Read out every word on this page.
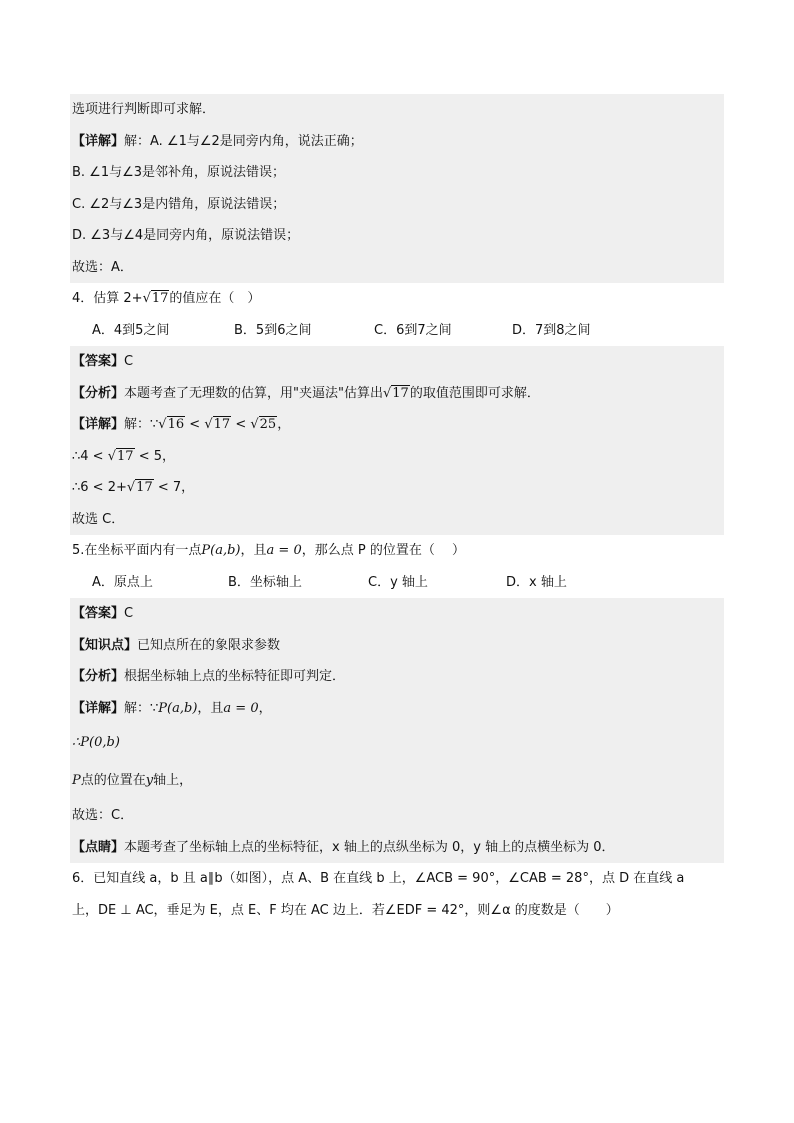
选项进行判断即可求解．
【详解】解：A. ∠1与∠2是同旁内角，说法正确；
B. ∠1与∠3是邻补角，原说法错误；
C. ∠2与∠3是内错角，原说法错误；
D. ∠3与∠4是同旁内角，原说法错误；
故选：A．
4．估算 2+√17的值应在（　）
A．4到5之间	B．5到6之间	C．6到7之间	D．7到8之间
【答案】C
【分析】本题考查了无理数的估算，用"夹逼法"估算出√17的取值范围即可求解．
【详解】解：∵√16 < √17 < √25，
∴4 < √17 < 5，
∴6 < 2+√17 < 7，
故选 C．
5.在坐标平面内有一点P(a,b)，且a = 0，那么点 P 的位置在（　 ）
A．原点上	B．坐标轴上	C．y 轴上	D．x 轴上
【答案】C
【知识点】已知点所在的象限求参数
【分析】根据坐标轴上点的坐标特征即可判定．
【详解】解：∵P(a,b)，且a = 0，
∴P(0,b)
P点的位置在y轴上，
故选：C．
【点睛】本题考查了坐标轴上点的坐标特征，x 轴上的点纵坐标为 0，y 轴上的点横坐标为 0．
6．已知直线 a，b 且 a∥b（如图），点 A、B 在直线 b 上，∠ACB = 90°，∠CAB = 28°，点 D 在直线 a
上，DE ⊥ AC，垂足为 E，点 E、F 均在 AC 边上．若∠EDF = 42°，则∠α 的度数是（　　）
